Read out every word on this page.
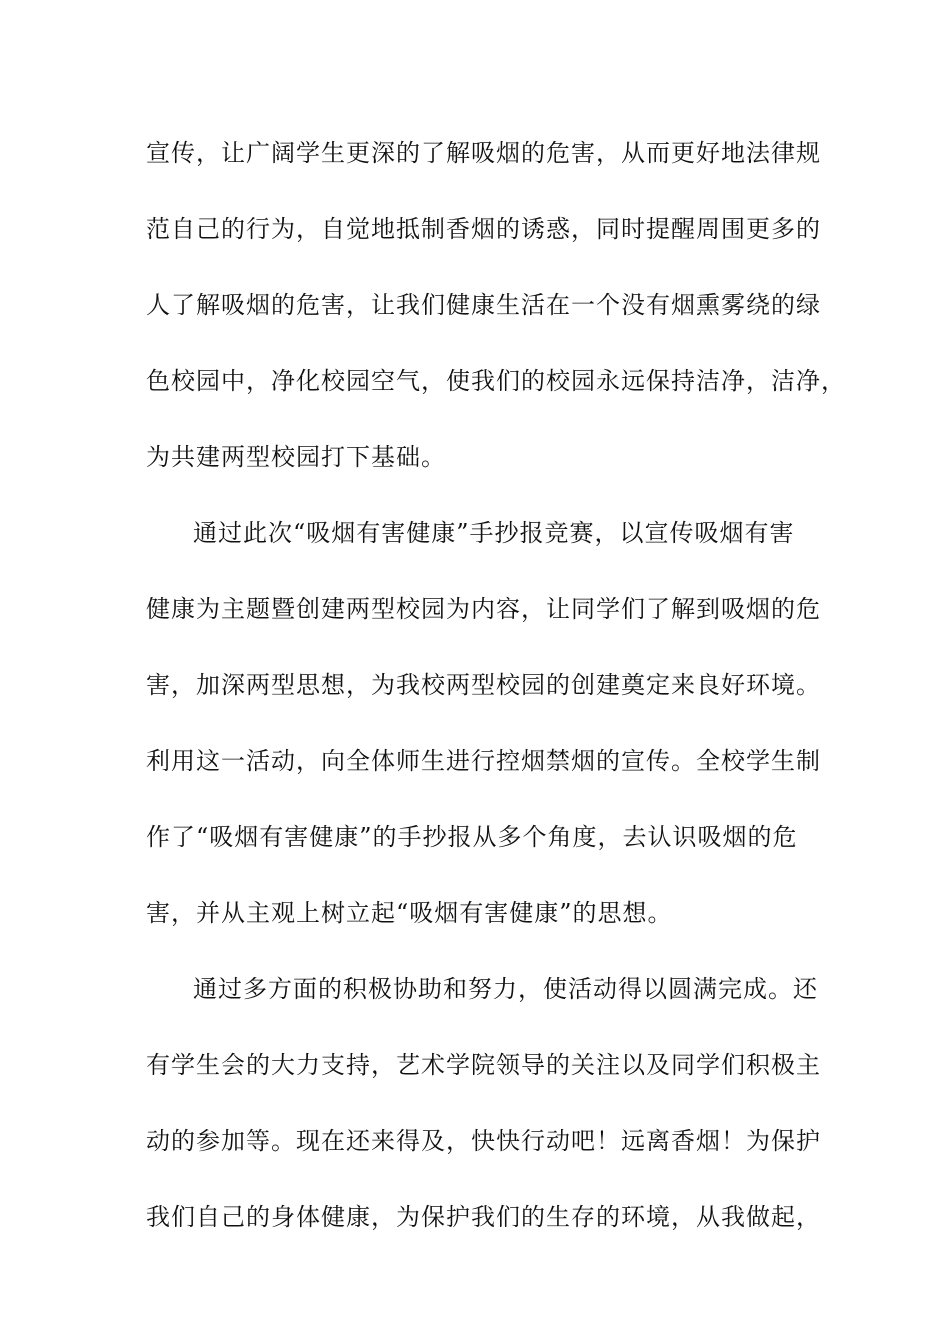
宣传，让广阔学生更深的了解吸烟的危害，从而更好地法律规
范自己的行为，自觉地抵制香烟的诱惑，同时提醒周围更多的
人了解吸烟的危害，让我们健康生活在一个没有烟熏雾绕的绿
色校园中，净化校园空气，使我们的校园永远保持洁净，洁净，
为共建两型校园打下基础。
通过此次“吸烟有害健康”手抄报竞赛，以宣传吸烟有害
健康为主题暨创建两型校园为内容，让同学们了解到吸烟的危
害，加深两型思想，为我校两型校园的创建奠定来良好环境。
利用这一活动，向全体师生进行控烟禁烟的宣传。全校学生制
作了“吸烟有害健康”的手抄报从多个角度，去认识吸烟的危
害，并从主观上树立起“吸烟有害健康”的思想。
通过多方面的积极协助和努力，使活动得以圆满完成。还
有学生会的大力支持，艺术学院领导的关注以及同学们积极主
动的参加等。现在还来得及，快快行动吧！远离香烟！为保护
我们自己的身体健康，为保护我们的生存的环境，从我做起，
